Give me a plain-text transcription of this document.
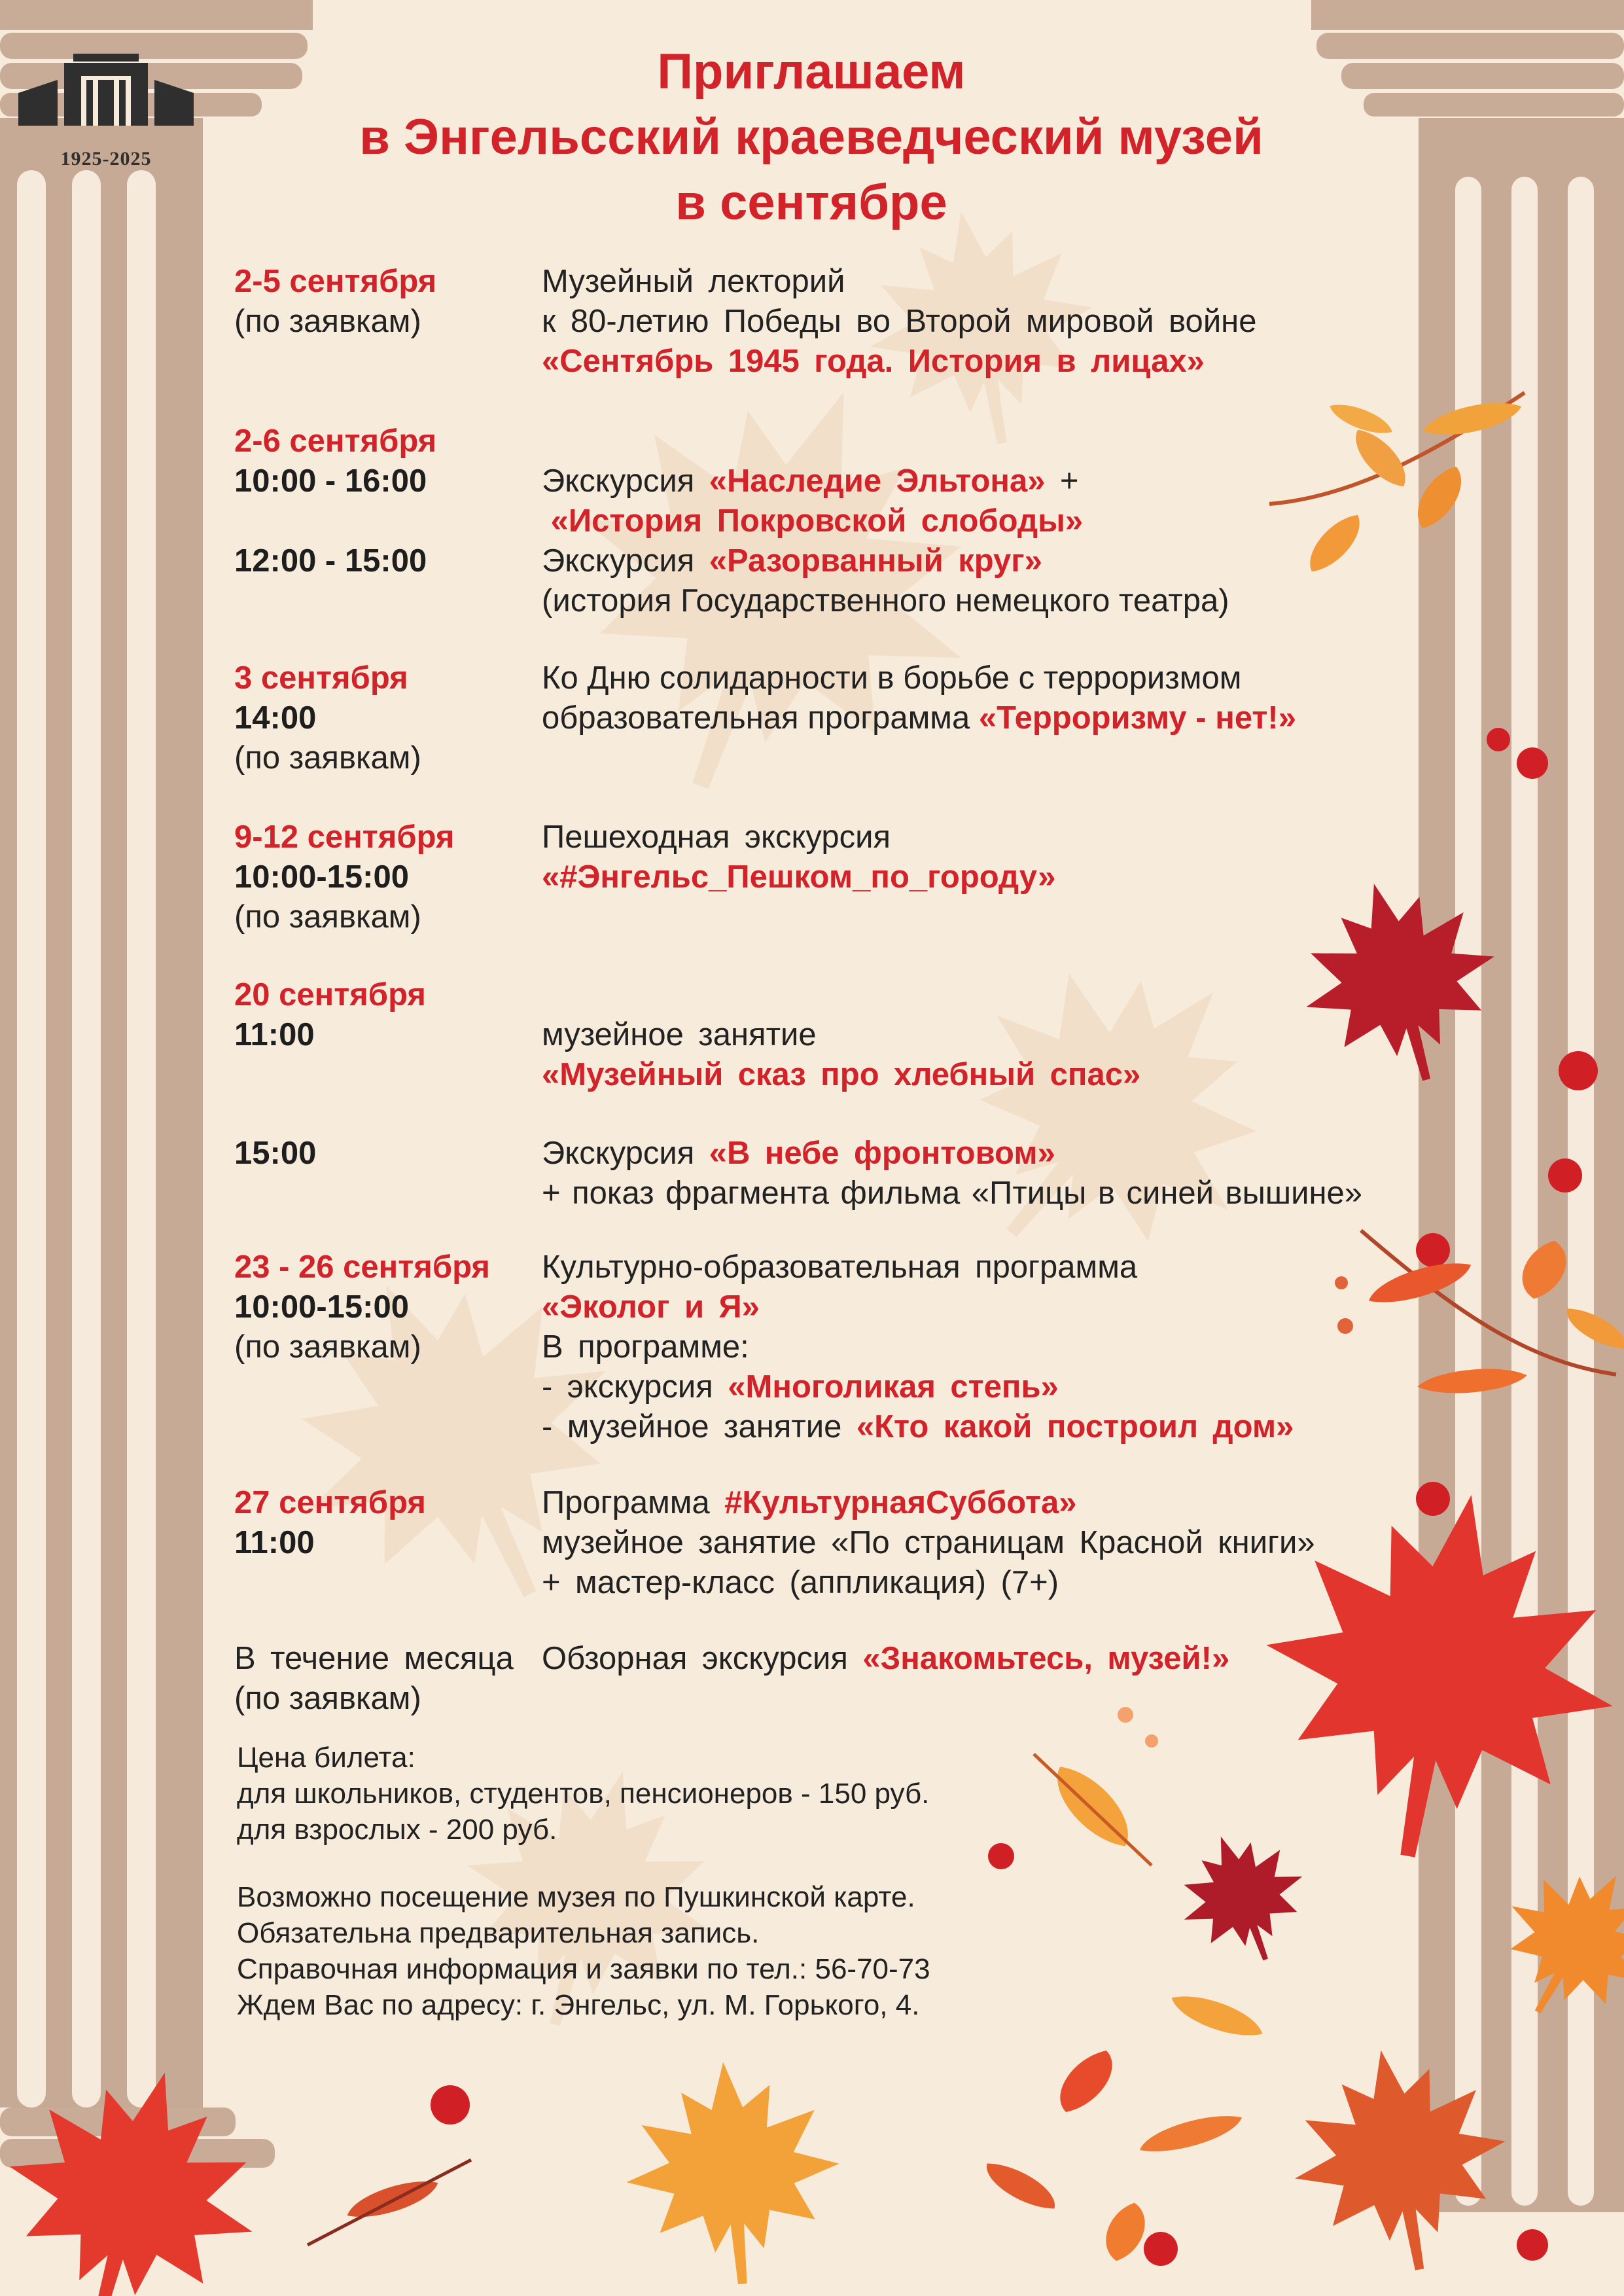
1925-2025
Приглашаем
в Энгельсский краеведческий музей
в сентябре
2-5 сентября
(по заявкам)
Музейный лекторий
к 80-летию Победы во Второй мировой войне
«Сентябрь 1945 года. История в лицах»
2-6 сентября
10:00 - 16:00
12:00 - 15:00
Экскурсия «Наследие Эльтона» +
«История Покровской слободы»
Экскурсия «Разорванный круг»
(история Государственного немецкого театра)
3 сентября
14:00
(по заявкам)
Ко Дню солидарности в борьбе с терроризмом
образовательная программа «Терроризму - нет!»
9-12 сентября
10:00-15:00
(по заявкам)
Пешеходная экскурсия
«#Энгельс_Пешком_по_городу»
20 сентября
11:00
15:00
музейное занятие
«Музейный сказ про хлебный спас»
Экскурсия «В небе фронтовом»
+ показ фрагмента фильма «Птицы в синей вышине»
23 - 26 сентября
10:00-15:00
(по заявкам)
Культурно-образовательная программа
«Эколог и Я»
В программе:
- экскурсия «Многоликая степь»
- музейное занятие «Кто какой построил дом»
27 сентября
11:00
Программа #КультурнаяСуббота»
музейное занятие «По страницам Красной книги»
+ мастер-класс (аппликация) (7+)
В течение месяца
(по заявкам)
Обзорная экскурсия «Знакомьтесь, музей!»
Цена билета:
для школьников, студентов, пенсионеров - 150 руб.
для взрослых - 200 руб.
Возможно посещение музея по Пушкинской карте.
Обязательна предварительная запись.
Справочная информация и заявки по тел.: 56-70-73
Ждем Вас по адресу: г. Энгельс, ул. М. Горького, 4.
